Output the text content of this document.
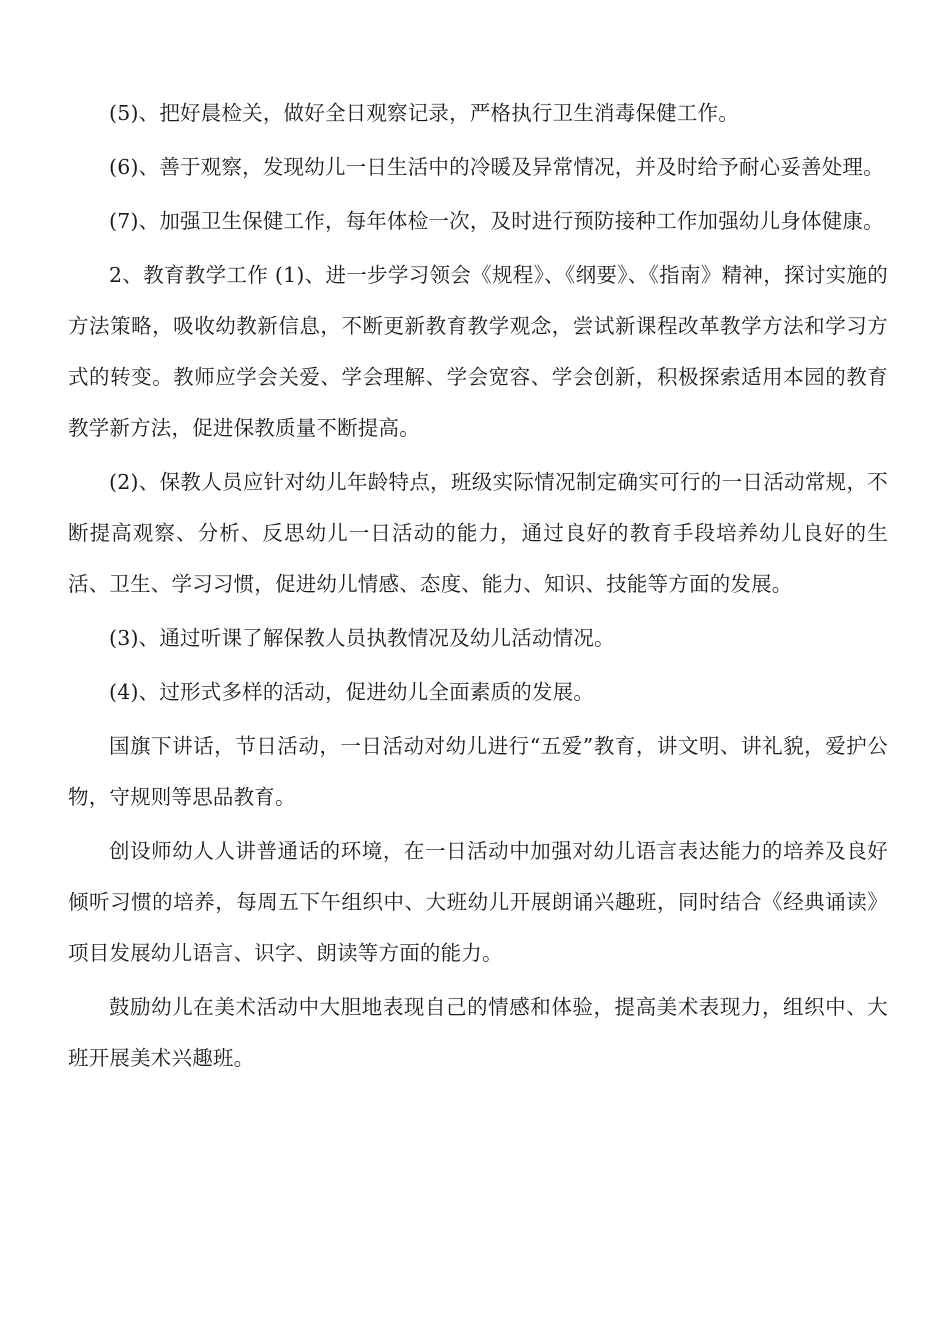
(5)、把好晨检关，做好全日观察记录，严格执行卫生消毒保健工作。

(6)、善于观察，发现幼儿一日生活中的冷暖及异常情况，并及时给予耐心妥善处理。

(7)、加强卫生保健工作，每年体检一次，及时进行预防接种工作加强幼儿身体健康。

2、教育教学工作 (1)、进一步学习领会《规程》、《纲要》、《指南》精神，探讨实施的方法策略，吸收幼教新信息，不断更新教育教学观念，尝试新课程改革教学方法和学习方式的转变。教师应学会关爱、学会理解、学会宽容、学会创新，积极探索适用本园的教育教学新方法，促进保教质量不断提高。

(2)、保教人员应针对幼儿年龄特点，班级实际情况制定确实可行的一日活动常规，不断提高观察、分析、反思幼儿一日活动的能力，通过良好的教育手段培养幼儿良好的生活、卫生、学习习惯，促进幼儿情感、态度、能力、知识、技能等方面的发展。

(3)、通过听课了解保教人员执教情况及幼儿活动情况。

(4)、过形式多样的活动，促进幼儿全面素质的发展。

国旗下讲话，节日活动，一日活动对幼儿进行“五爱”教育，讲文明、讲礼貌，爱护公物，守规则等思品教育。

创设师幼人人讲普通话的环境，在一日活动中加强对幼儿语言表达能力的培养及良好倾听习惯的培养，每周五下午组织中、大班幼儿开展朗诵兴趣班，同时结合《经典诵读》项目发展幼儿语言、识字、朗读等方面的能力。

鼓励幼儿在美术活动中大胆地表现自己的情感和体验，提高美术表现力，组织中、大班开展美术兴趣班。
